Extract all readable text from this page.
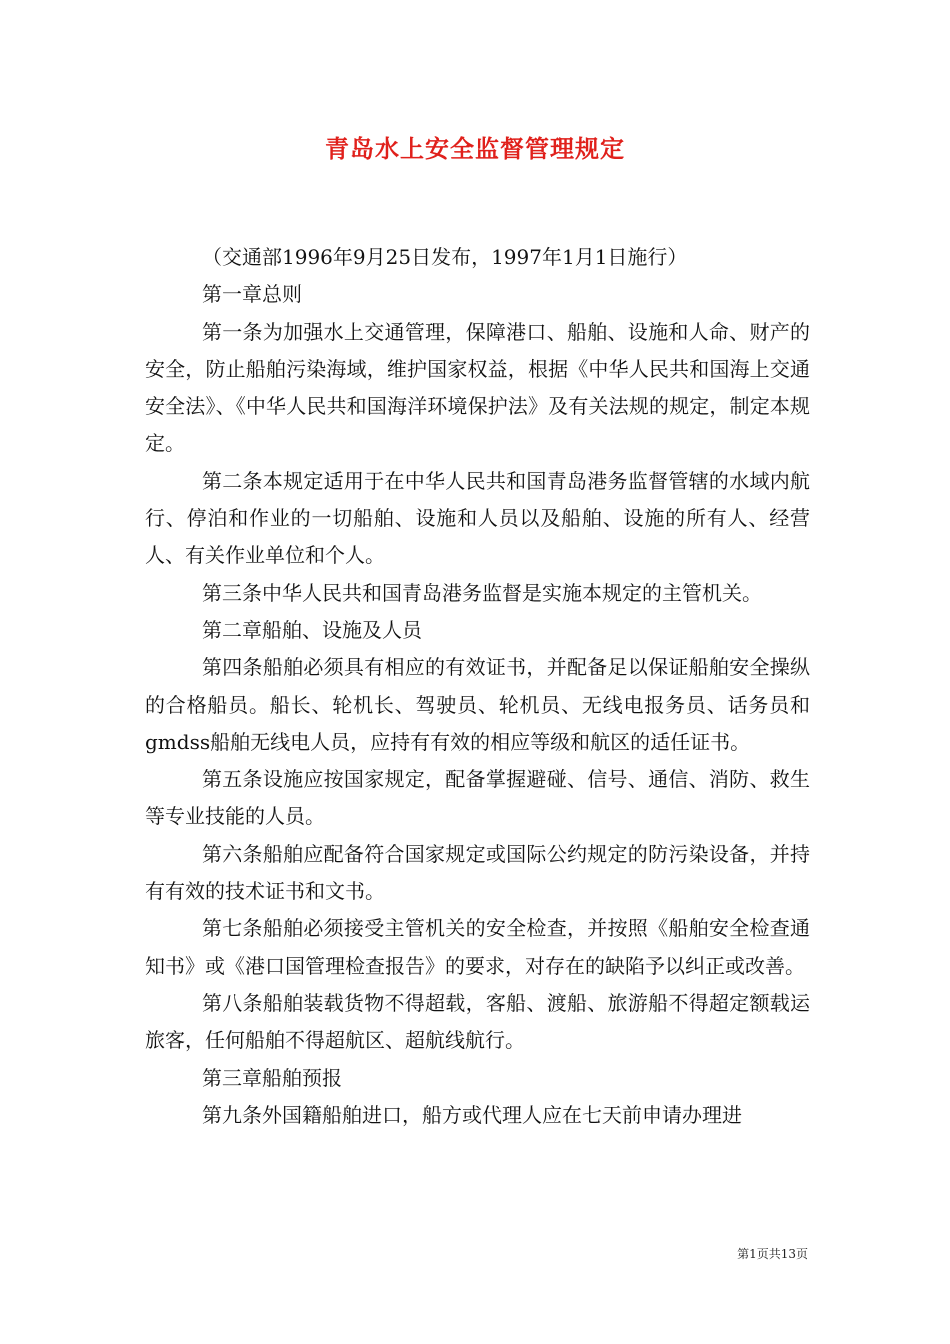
青岛水上安全监督管理规定

（交通部1996年9月25日发布，1997年1月1日施行）

第一章总则

第一条为加强水上交通管理，保障港口、船舶、设施和人命、财产的安全，防止船舶污染海域，维护国家权益，根据《中华人民共和国海上交通安全法》、《中华人民共和国海洋环境保护法》及有关法规的规定，制定本规定。

第二条本规定适用于在中华人民共和国青岛港务监督管辖的水域内航行、停泊和作业的一切船舶、设施和人员以及船舶、设施的所有人、经营人、有关作业单位和个人。

第三条中华人民共和国青岛港务监督是实施本规定的主管机关。

第二章船舶、设施及人员

第四条船舶必须具有相应的有效证书，并配备足以保证船舶安全操纵的合格船员。船长、轮机长、驾驶员、轮机员、无线电报务员、话务员和gmdss船舶无线电人员，应持有有效的相应等级和航区的适任证书。

第五条设施应按国家规定，配备掌握避碰、信号、通信、消防、救生等专业技能的人员。

第六条船舶应配备符合国家规定或国际公约规定的防污染设备，并持有有效的技术证书和文书。

第七条船舶必须接受主管机关的安全检查，并按照《船舶安全检查通知书》或《港口国管理检查报告》的要求，对存在的缺陷予以纠正或改善。

第八条船舶装载货物不得超载，客船、渡船、旅游船不得超定额载运旅客，任何船舶不得超航区、超航线航行。

第三章船舶预报

第九条外国籍船舶进口，船方或代理人应在七天前申请办理进

第1页共13页
